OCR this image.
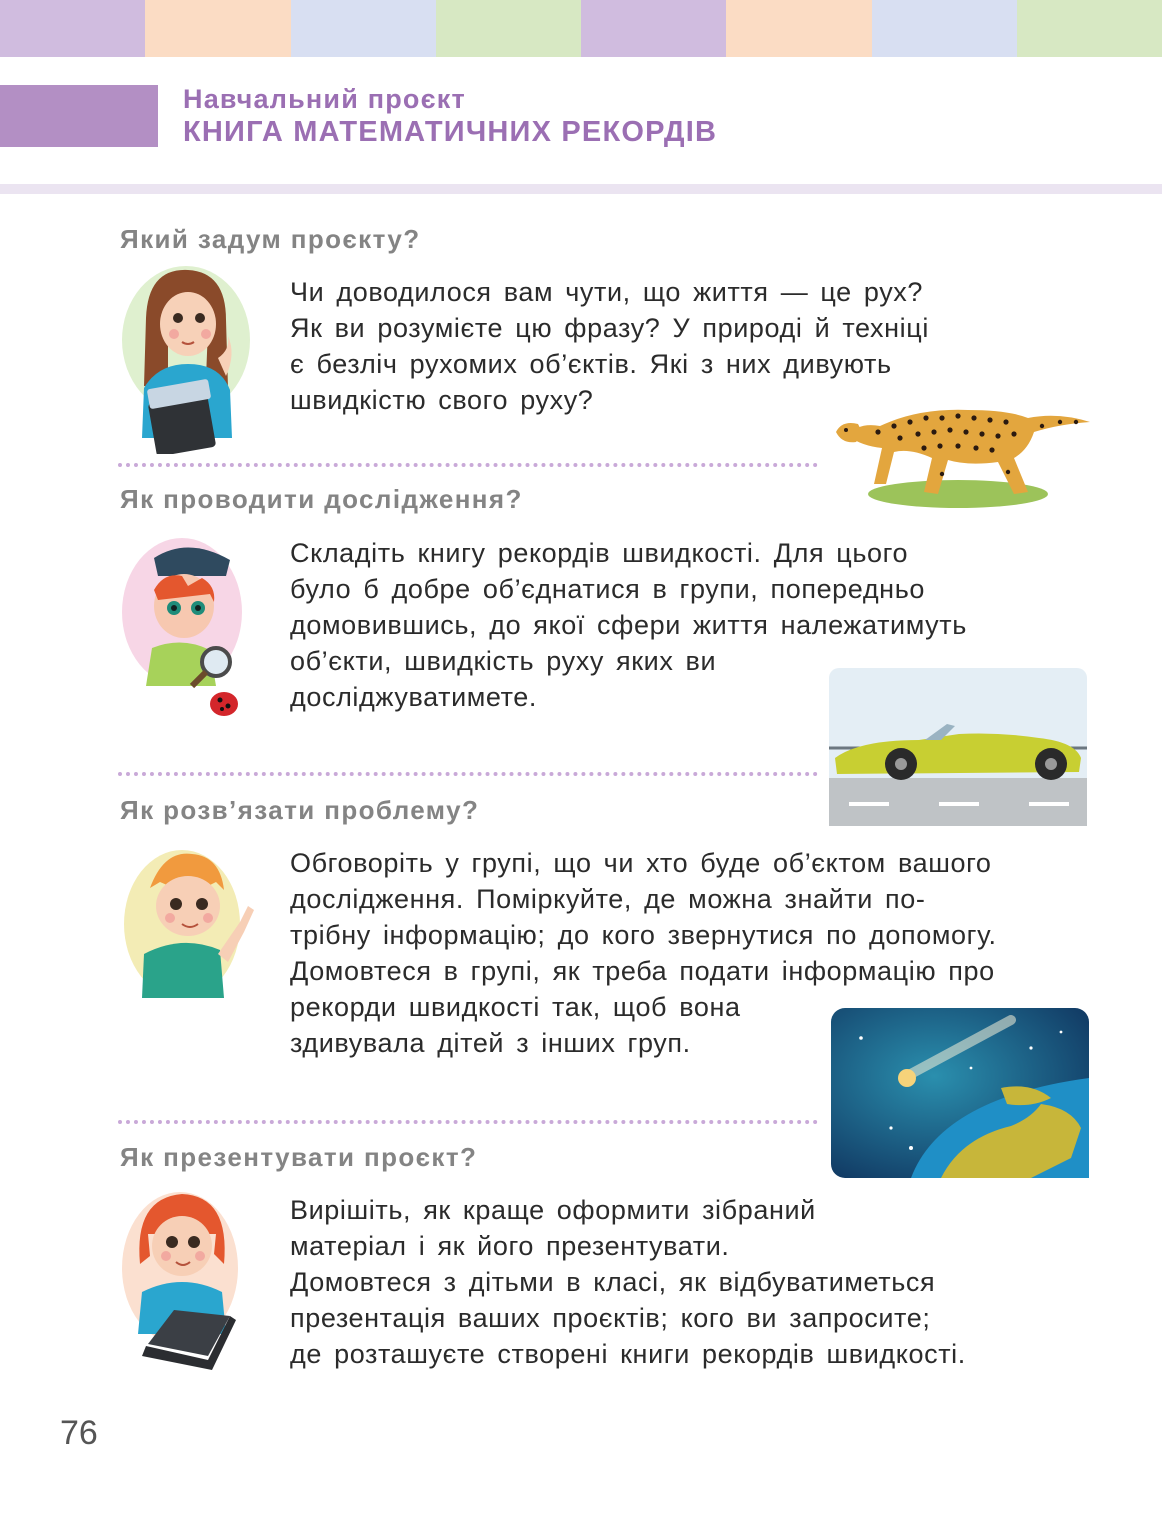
Навчальний проєкт
КНИГА МАТЕМАТИЧНИХ РЕКОРДІВ
Який задум проєкту?
Чи доводилося вам чути, що життя — це рух?
Як ви розумієте цю фразу? У природі й техніці
є безліч рухомих об’єктів. Які з них дивують
швидкістю свого руху?
Як проводити дослідження?
Складіть книгу рекордів швидкості. Для цього
було б добре об’єднатися в групи, попередньо
домовившись, до якої сфери життя належатимуть
об’єкти, швидкість руху яких ви
досліджуватимете.
Як розв’язати проблему?
Обговоріть у групі, що чи хто буде об’єктом вашого
дослідження. Поміркуйте, де можна знайти по-
трібну інформацію; до кого звернутися по допомогу.
Домовтеся в групі, як треба подати інформацію про
рекорди швидкості так, щоб вона
здивувала дітей з інших груп.
Як презентувати проєкт?
Вирішіть, як краще оформити зібраний
матеріал і як його презентувати.
Домовтеся з дітьми в класі, як відбуватиметься
презентація ваших проєктів; кого ви запросите;
де розташуєте створені книги рекордів швидкості.
76
